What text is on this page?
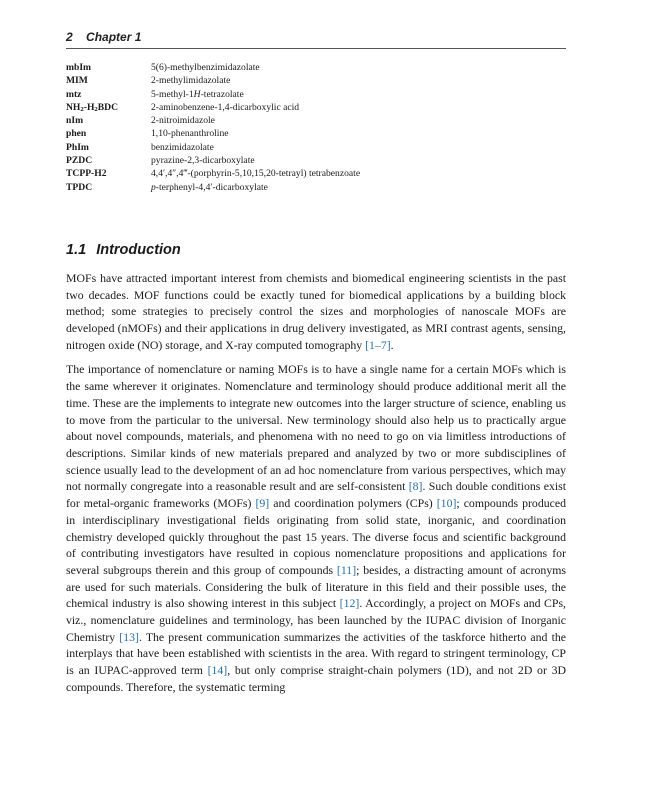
2 Chapter 1
mbIm	5(6)-methylbenzimidazolate
MIM	2-methylimidazolate
mtz	5-methyl-1H-tetrazolate
$NH_2-H_2BDC$	2-aminobenzene-1,4-dicarboxylic acid
nIm	2-nitroimidazole
phen	1,10-phenanthroline
PhIm	benzimidazolate
PZDC	pyrazine-2,3-dicarboxylate
TCPP-H2	4,4′,4″,4‴-(porphyrin-5,10,15,20-tetrayl) tetrabenzoate
TPDC	p-terphenyl-4,4′-dicarboxylate
1.1 Introduction

MOFs have attracted important interest from chemists and biomedical engineering scientists in the past two decades. MOF functions could be exactly tuned for biomedical applications by a building block method; some strategies to precisely control the sizes and morphologies of nanoscale MOFs are developed (nMOFs) and their applications in drug delivery investigated, as MRI contrast agents, sensing, nitrogen oxide (NO) storage, and X-ray computed tomography [1–7].

The importance of nomenclature or naming MOFs is to have a single name for a certain MOFs which is the same wherever it originates. Nomenclature and terminology should produce additional merit all the time. These are the implements to integrate new outcomes into the larger structure of science, enabling us to move from the particular to the universal. New terminology should also help us to practically argue about novel compounds, materials, and phenomena with no need to go on via limitless introductions of descriptions. Similar kinds of new materials prepared and analyzed by two or more subdisciplines of science usually lead to the development of an ad hoc nomenclature from various perspectives, which may not normally congregate into a reasonable result and are self-consistent [8]. Such double conditions exist for metal-organic frameworks (MOFs) [9] and coordination polymers (CPs) [10]; compounds produced in interdisciplinary investigational fields originating from solid state, inorganic, and coordination chemistry developed quickly throughout the past 15 years. The diverse focus and scientific background of contributing investigators have resulted in copious nomenclature propositions and applications for several subgroups therein and this group of compounds [11]; besides, a distracting amount of acronyms are used for such materials. Considering the bulk of literature in this field and their possible uses, the chemical industry is also showing interest in this subject [12]. Accordingly, a project on MOFs and CPs, viz., nomenclature guidelines and terminology, has been launched by the IUPAC division of Inorganic Chemistry [13]. The present communication summarizes the activities of the taskforce hitherto and the interplays that have been established with scientists in the area. With regard to stringent terminology, CP is an IUPAC-approved term [14], but only comprise straight-chain polymers (1D), and not 2D or 3D compounds. Therefore, the systematic terming
